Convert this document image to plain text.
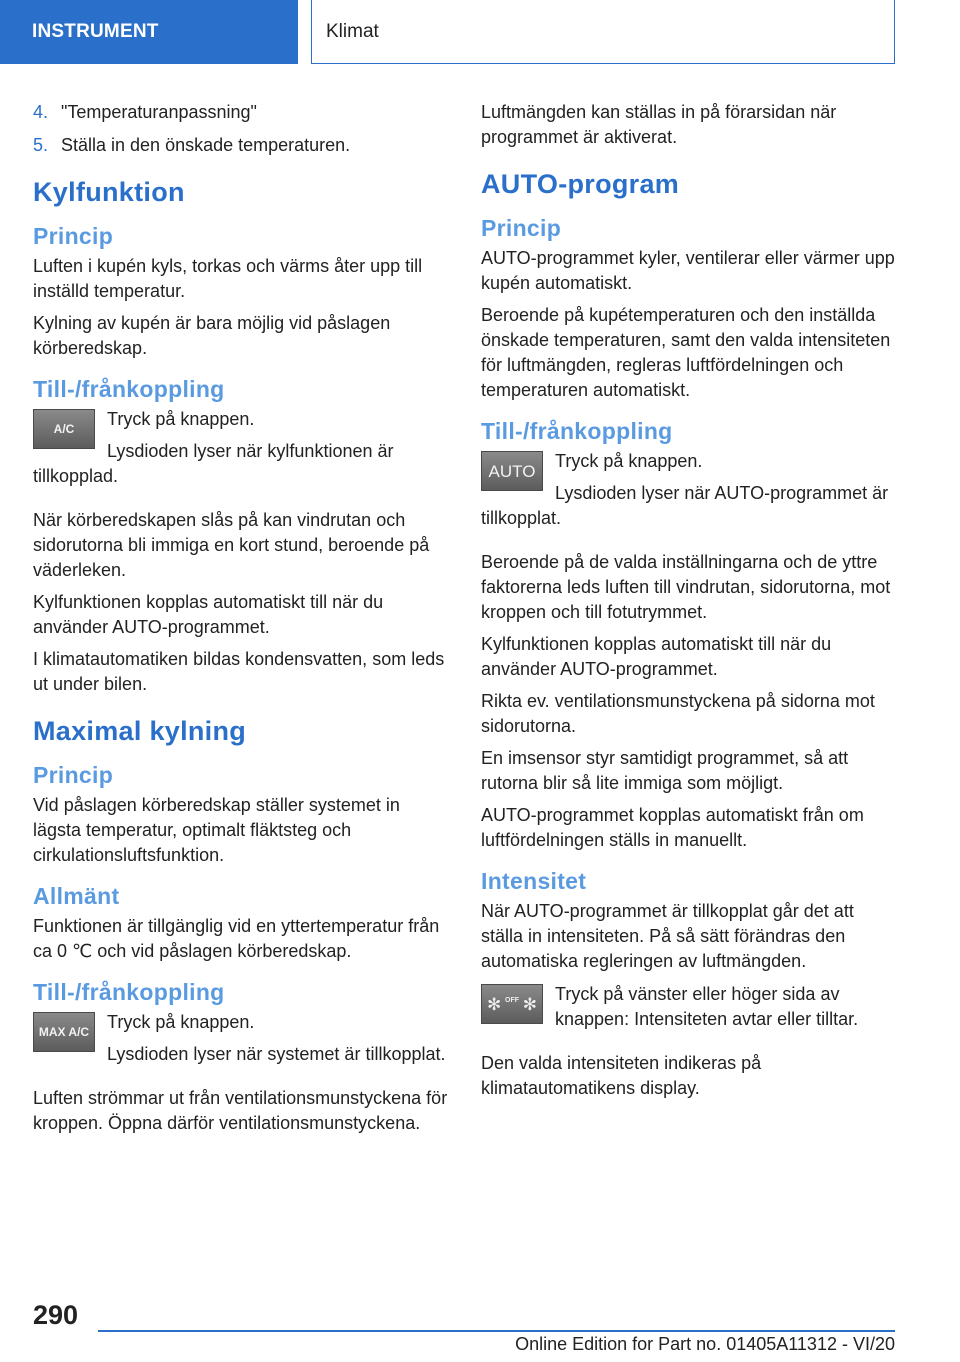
INSTRUMENT	Klimat
4. "Temperaturanpassning"
5. Ställa in den önskade temperaturen.
Kylfunktion
Princip

Luften i kupén kyls, torkas och värms åter upp till inställd temperatur.

Kylning av kupén är bara möjlig vid påslagen körberedskap.

Till-/frånkoppling
A/C	Tryck på knappen.

Lysdioden lyser när kylfunktionen är tillkopplad.

När körberedskapen slås på kan vindrutan och sidorutorna bli immiga en kort stund, beroende på väderleken.

Kylfunktionen kopplas automatiskt till när du använder AUTO-programmet.

I klimatautomatiken bildas kondensvatten, som leds ut under bilen.

Maximal kylning
Princip

Vid påslagen körberedskap ställer systemet in lägsta temperatur, optimalt fläktsteg och cirkulationsluftsfunktion.

Allmänt

Funktionen är tillgänglig vid en yttertemperatur från ca 0 ℃ och vid påslagen körberedskap.

Till-/frånkoppling
MAX A/C Tryck på knappen.

Lysdioden lyser när systemet är tillkopplat.

Luften strömmar ut från ventilationsmunstyckena för kroppen. Öppna därför ventilationsmunstyckena.

Luftmängden kan ställas in på förarsidan när programmet är aktiverat.

AUTO-program
Princip

AUTO-programmet kyler, ventilerar eller värmer upp kupén automatiskt.

Beroende på kupétemperaturen och den inställda önskade temperaturen, samt den valda intensiteten för luftmängden, regleras luftfördelningen och temperaturen automatiskt.

Till-/frånkoppling
AUTO	Tryck på knappen.

Lysdioden lyser när AUTO-programmet är tillkopplat.

Beroende på de valda inställningarna och de yttre faktorerna leds luften till vindrutan, sidorutorna, mot kroppen och till fotutrymmet.

Kylfunktionen kopplas automatiskt till när du använder AUTO-programmet.

Rikta ev. ventilationsmunstyckena på sidorna mot sidorutorna.

En imsensor styr samtidigt programmet, så att rutorna blir så lite immiga som möjligt.

AUTO-programmet kopplas automatiskt från om luftfördelningen ställs in manuellt.

Intensitet

När AUTO-programmet är tillkopplat går det att ställa in intensiteten. På så sätt förändras den automatiska regleringen av luftmängden.

✻ OFF ✻	Tryck på vänster eller höger sida av knappen: Intensiteten avtar eller tilltar.

Den valda intensiteten indikeras på klimatautomatikens display.

290
Online Edition for Part no. 01405A11312 - VI/20
